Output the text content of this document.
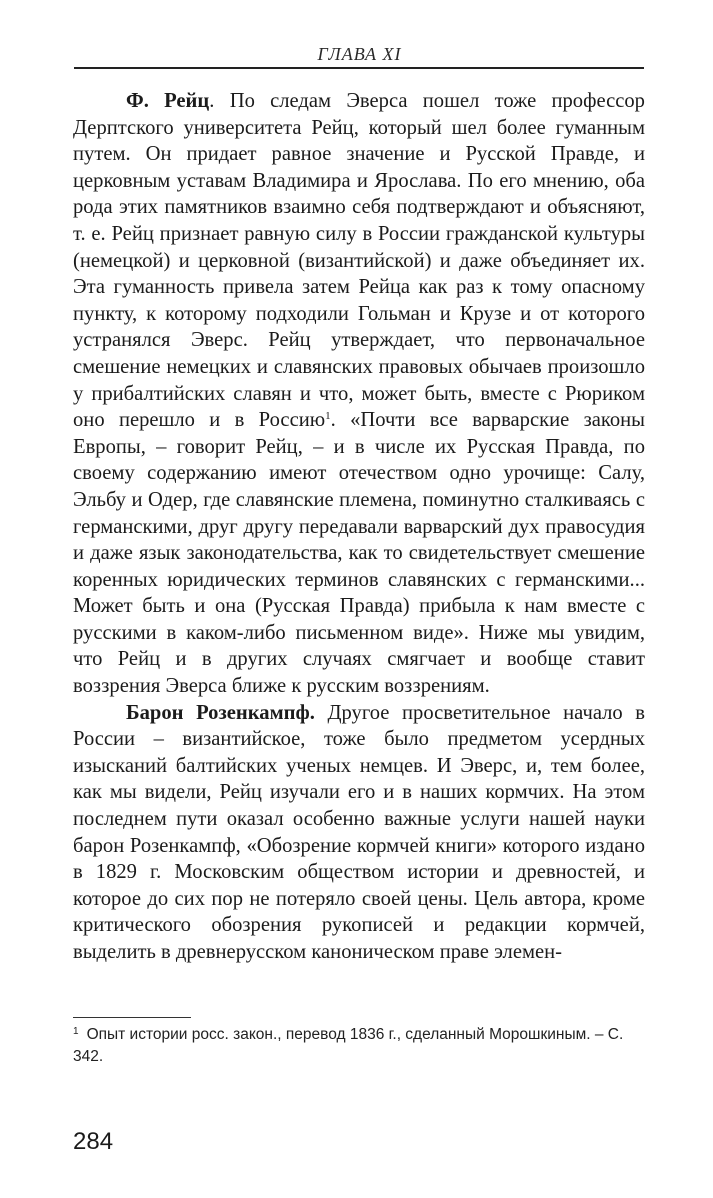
ГЛАВА XI

Ф. Рейц. По следам Эверса пошел тоже профессор Дерптского университета Рейц, который шел более гуманным путем. Он придает равное значение и Русской Правде, и церковным уставам Владимира и Ярослава. По его мнению, оба рода этих памятников взаимно себя подтверждают и объясняют, т. е. Рейц признает равную силу в России гражданской культуры (немецкой) и церковной (византийской) и даже объединяет их. Эта гуманность привела затем Рейца как раз к тому опасному пункту, к которому подходили Гольман и Крузе и от которого устранялся Эверс. Рейц утверждает, что первоначальное смешение немецких и славянских правовых обычаев произошло у прибалтийских славян и что, может быть, вместе с Рюриком оно перешло и в Россию$^1$. «Почти все варварские законы Европы, – говорит Рейц, – и в числе их Русская Правда, по своему содержанию имеют отечеством одно урочище: Салу, Эльбу и Одер, где славянские племена, поминутно сталкиваясь с германскими, друг другу передавали варварский дух правосудия и даже язык законодательства, как то свидетельствует смешение коренных юридических терминов славянских с германскими... Может быть и она (Русская Правда) прибыла к нам вместе с русскими в каком-либо письменном виде». Ниже мы увидим, что Рейц и в других случаях смягчает и вообще ставит воззрения Эверса ближе к русским воззрениям.

Барон Розенкампф. Другое просветительное начало в России – византийское, тоже было предметом усердных изысканий балтийских ученых немцев. И Эверс, и, тем более, как мы видели, Рейц изучали его и в наших кормчих. На этом последнем пути оказал особенно важные услуги нашей науки барон Розенкампф, «Обозрение кормчей книги» которого издано в 1829 г. Московским обществом истории и древностей, и которое до сих пор не потеряло своей цены. Цель автора, кроме критического обозрения рукописей и редакции кормчей, выделить в древнерусском каноническом праве элемен-

$^1$ Опыт истории росс. закон., перевод 1836 г., сделанный Морошкиным. – С. 342.
284
